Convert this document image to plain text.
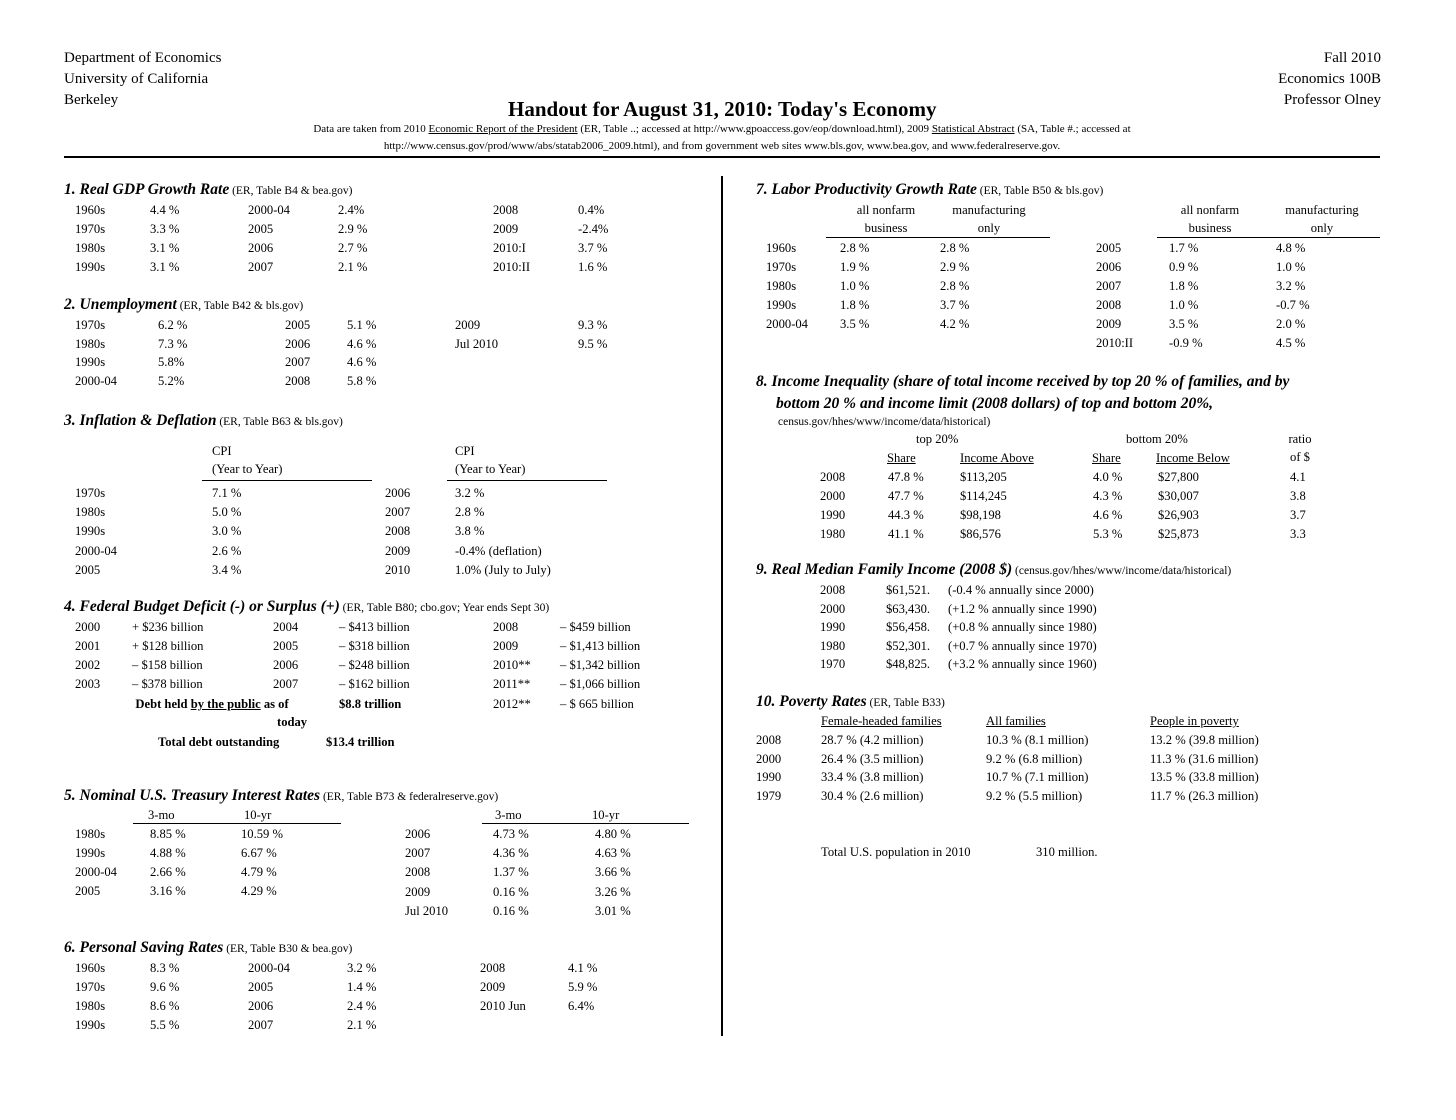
Department of Economics
University of California
Berkeley
Fall 2010
Economics 100B
Professor Olney
Handout for August 31, 2010: Today's Economy
Data are taken from 2010 Economic Report of the President (ER, Table ..; accessed at http://www.gpoaccess.gov/eop/download.html), 2009 Statistical Abstract (SA, Table #.; accessed at
http://www.census.gov/prod/www/abs/statab2006_2009.html), and from government web sites www.bls.gov, www.bea.gov, and www.federalreserve.gov.
1. Real GDP Growth Rate (ER, Table B4 & bea.gov)
1960s	4.4 %	2000-04	2.4%	2008	0.4%
1970s	3.3 %	2005	2.9 %	2009	-2.4%
1980s	3.1 %	2006	2.7 %	2010:I	3.7 %
1990s	3.1 %	2007	2.1 %	2010:II	1.6 %
2. Unemployment (ER, Table B42 & bls.gov)
1970s	6.2 %	2005	5.1 %	2009	9.3 %
1980s	7.3 %	2006	4.6 %	Jul 2010	9.5 %
1990s	5.8%	2007	4.6 %
2000-04	5.2%	2008	5.8 %
3. Inflation & Deflation (ER, Table B63 & bls.gov)
CPI
(Year to Year)
CPI
(Year to Year)
1970s	7.1 %	2006	3.2 %
1980s	5.0 %	2007	2.8 %
1990s	3.0 %	2008	3.8 %
2000-04	2.6 %	2009	-0.4% (deflation)
2005	3.4 %	2010	1.0% (July to July)
4. Federal Budget Deficit (-) or Surplus (+) (ER, Table B80; cbo.gov; Year ends Sept 30)
2000	+ $236 billion	2004	– $413 billion	2008	– $459 billion
2001	+ $128 billion	2005	– $318 billion	2009	– $1,413 billion
2002	– $158 billion	2006	– $248 billion	2010** – $1,342 billion
2003	– $378 billion	2007	– $162 billion	2011** – $1,066 billion
Debt held by the public as of
today
$8.8 trillion	2012** – $ 665 billion
Total debt outstanding	$13.4 trillion
5. Nominal U.S. Treasury Interest Rates (ER, Table B73 & federalreserve.gov)
3-mo	10-yr	3-mo	10-yr
1980s	8.85 %	10.59 %
1990s	4.88 %	6.67 %
2000-04	2.66 %	4.79 %
2005	3.16 %	4.29 %
2006	4.73 %	4.80 %
2007	4.36 %	4.63 %
2008	1.37 %	3.66 %
2009	0.16 %	3.26 %
Jul 2010	0.16 %	3.01 %
6. Personal Saving Rates (ER, Table B30 & bea.gov)
1960s	8.3 %	2000-04	3.2 %	2008	4.1 %
1970s	9.6 %	2005	1.4 %	2009	5.9 %
1980s	8.6 %	2006	2.4 %	2010 Jun	6.4%
1990s	5.5 %	2007	2.1 %
7. Labor Productivity Growth Rate (ER, Table B50 & bls.gov)
all nonfarm
business
manufacturing
only
all nonfarm
business
manufacturing
only
1960s	2.8 %	2.8 %
1970s	1.9 %	2.9 %
1980s	1.0 %	2.8 %
1990s	1.8 %	3.7 %
2000-04	3.5 %	4.2 %
2005	1.7 %	4.8 %
2006	0.9 %	1.0 %
2007	1.8 %	3.2 %
2008	1.0 %	-0.7 %
2009	3.5 %	2.0 %
2010:II	-0.9 %	4.5 %
8. Income Inequality (share of total income received by top 20 % of families, and by
bottom 20 % and income limit (2008 dollars) of top and bottom 20%,
census.gov/hhes/www/income/data/historical)
top 20%	bottom 20%	ratio
of $
Share	Income Above	Share	Income Below
2008	47.8 %	$113,205	4.0 %	$27,800	4.1
2000	47.7 %	$114,245	4.3 %	$30,007	3.8
1990	44.3 %	$98,198	4.6 %	$26,903	3.7
1980	41.1 %	$86,576	5.3 %	$25,873	3.3
9. Real Median Family Income (2008 $) (census.gov/hhes/www/income/data/historical)
2008	$61,521. (-0.4 % annually since 2000)
2000	$63,430. (+1.2 % annually since 1990)
1990	$56,458. (+0.8 % annually since 1980)
1980	$52,301. (+0.7 % annually since 1970)
1970	$48,825. (+3.2 % annually since 1960)
10. Poverty Rates (ER, Table B33)
Female-headed families	All families	People in poverty
2008	28.7 % (4.2 million)	10.3 % (8.1 million)	13.2 % (39.8 million)
2000	26.4 % (3.5 million)	9.2 % (6.8 million)	11.3 % (31.6 million)
1990	33.4 % (3.8 million)	10.7 % (7.1 million)	13.5 % (33.8 million)
1979	30.4 % (2.6 million)	9.2 % (5.5 million)	11.7 % (26.3 million)
Total U.S. population in 2010	310 million.
